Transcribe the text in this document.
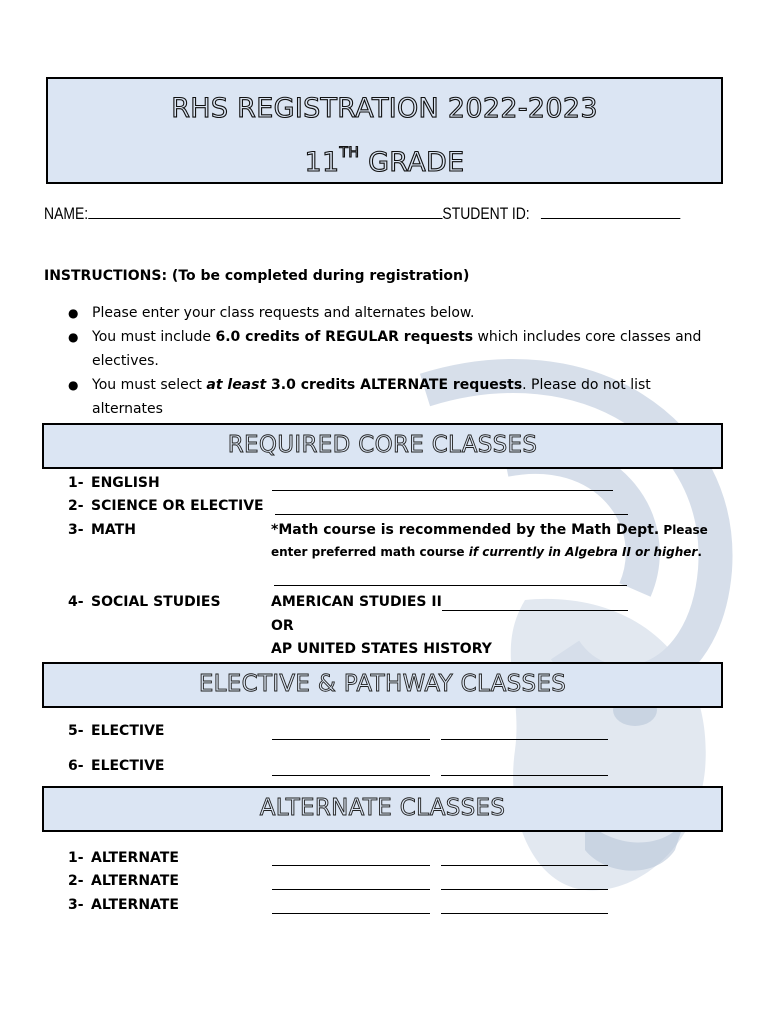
RHS REGISTRATION 2022-2023
11TH GRADE
NAME:	STUDENT ID:
INSTRUCTIONS: (To be completed during registration)
● Please enter your class requests and alternates below.
● You must include 6.0 credits of REGULAR requests which includes core classes and
electives.
● You must select at least 3.0 credits ALTERNATE requests. Please do not list alternates

REQUIRED CORE CLASSES
1- ENGLISH
2- SCIENCE OR ELECTIVE
3- MATH	*Math course is recommended by the Math Dept. Please
enter preferred math course if currently in Algebra II or higher.
4- SOCIAL STUDIES	AMERICAN STUDIES II
OR
AP UNITED STATES HISTORY
ELECTIVE & PATHWAY CLASSES
5- ELECTIVE
6- ELECTIVE
ALTERNATE CLASSES
1- ALTERNATE
2- ALTERNATE
3- ALTERNATE
